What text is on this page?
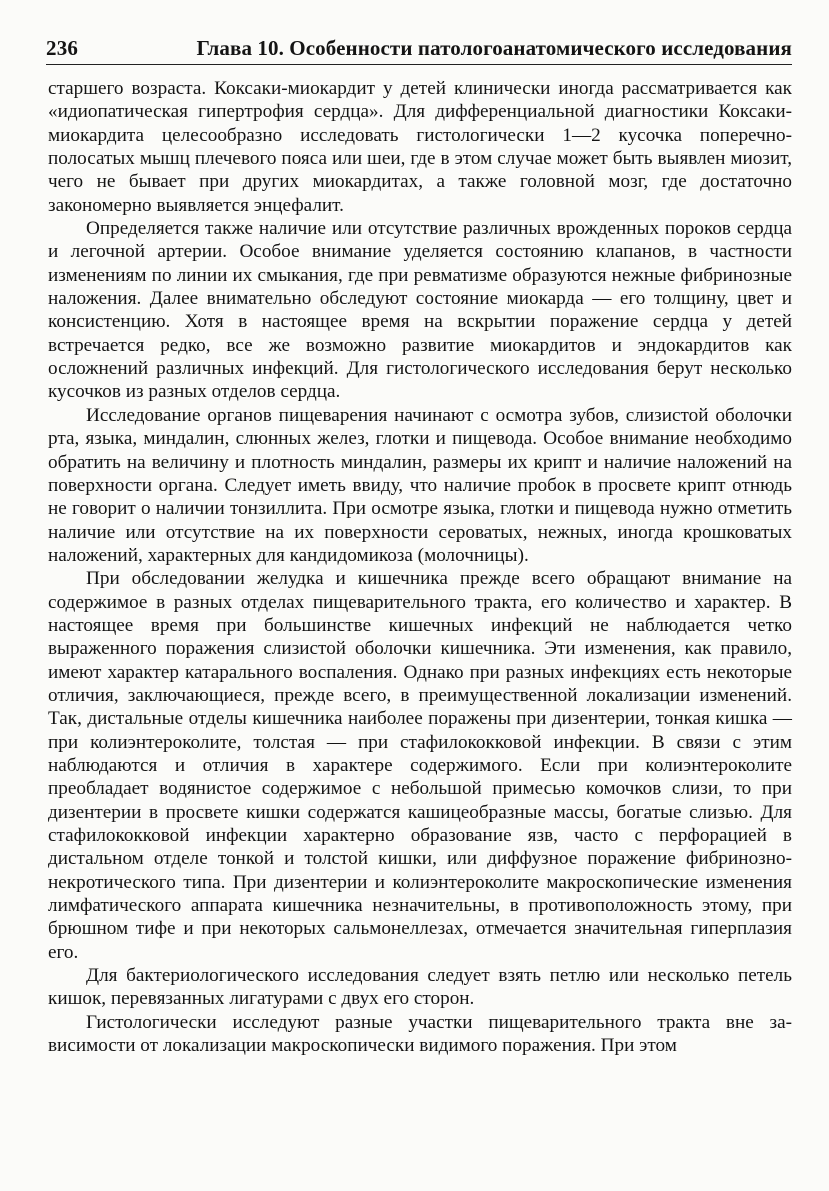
236	Глава 10. Особенности патологоанатомического исследования

старшего возраста. Коксаки-миокардит у детей клинически иногда рассматривается как «идиопатическая гипертрофия сердца». Для дифференциальной диагностики Коксаки-миокардита целесообразно исследовать гистологически 1—2 кусочка поперечно-полосатых мышц плечевого пояса или шеи, где в этом случае может быть выявлен миозит, чего не бывает при других миокардитах, а также головной мозг, где достаточно закономерно выявляется энцефалит.

Определяется также наличие или отсутствие различных врожденных пороков сердца и легочной артерии. Особое внимание уделяется состоянию клапанов, в частности изменениям по линии их смыкания, где при ревматизме образуются нежные фибринозные наложения. Далее внимательно обследуют состояние миокарда — его толщину, цвет и консистенцию. Хотя в настоящее время на вскрытии поражение сердца у детей встречается редко, все же возможно развитие миокардитов и эндокардитов как осложнений различных инфекций. Для гистологического исследования берут несколько кусочков из разных отделов сердца.

Исследование органов пищеварения начинают с осмотра зубов, слизистой оболочки рта, языка, миндалин, слюнных желез, глотки и пищевода. Особое внимание необходимо обратить на величину и плотность миндалин, размеры их крипт и наличие наложений на поверхности органа. Следует иметь ввиду, что наличие пробок в просвете крипт отнюдь не говорит о наличии тонзиллита. При осмотре языка, глотки и пищевода нужно отметить наличие или отсутствие на их поверхности сероватых, нежных, иногда крошковатых наложений, характерных для кандидомикоза (молочницы).

При обследовании желудка и кишечника прежде всего обращают внимание на содержимое в разных отделах пищеварительного тракта, его количество и характер. В настоящее время при большинстве кишечных инфекций не наблюдается четко выраженного поражения слизистой оболочки кишечника. Эти изменения, как правило, имеют характер катарального воспаления. Однако при разных инфекциях есть некоторые отличия, заключающиеся, прежде всего, в преимущественной локализации изменений. Так, дистальные отделы кишечника наиболее поражены при дизентерии, тонкая кишка — при колиэнтероколите, толстая — при стафилококковой инфекции. В связи с этим наблюдаются и отличия в характере содержимого. Если при колиэнтероколите преобладает водянистое содержимое с небольшой примесью комочков слизи, то при дизентерии в просвете кишки содержатся кашицеобразные массы, богатые слизью. Для стафилококковой инфекции характерно образование язв, часто с перфорацией в дистальном отделе тонкой и толстой кишки, или диффузное поражение фибринозно-некротического типа. При дизентерии и колиэнтероколите макроскопические изменения лимфатического аппарата кишечника незначительны, в противоположность этому, при брюшном тифе и при некоторых сальмонеллезах, отмечается значительная гиперплазия его.

Для бактериологического исследования следует взять петлю или несколько петель кишок, перевязанных лигатурами с двух его сторон.

Гистологически исследуют разные участки пищеварительного тракта вне зависимости от локализации макроскопически видимого поражения. При этом
